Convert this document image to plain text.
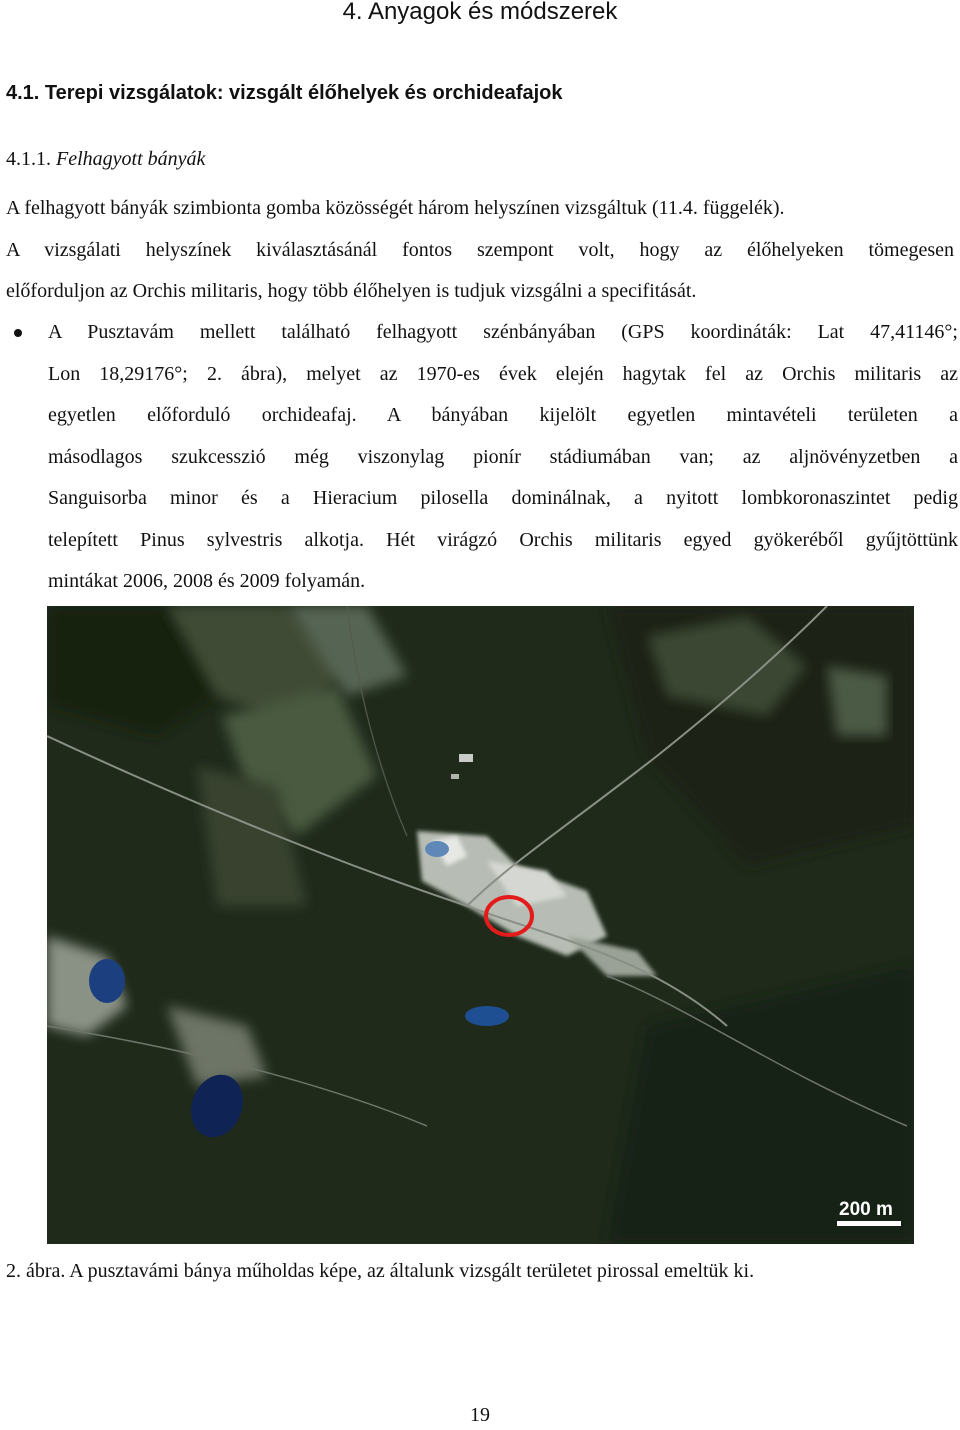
4. Anyagok és módszerek
4.1. Terepi vizsgálatok: vizsgált élőhelyek és orchideafajok
4.1.1. Felhagyott bányák
A felhagyott bányák szimbionta gomba közösségét három helyszínen vizsgáltuk (11.4. függelék).
A vizsgálati helyszínek kiválasztásánál fontos szempont volt, hogy az élőhelyeken tömegesen
előforduljon az Orchis militaris, hogy több élőhelyen is tudjuk vizsgálni a specifitását.
A Pusztavám mellett található felhagyott szénbányában (GPS koordináták: Lat 47,41146°;
Lon 18,29176°; 2. ábra), melyet az 1970-es évek elején hagytak fel az Orchis militaris az
egyetlen előforduló orchideafaj. A bányában kijelölt egyetlen mintavételi területen a
másodlagos szukcesszió még viszonylag pionír stádiumában van; az aljnövényzetben a
Sanguisorba minor és a Hieracium pilosella dominálnak, a nyitott lombkoronaszintet pedig
telepített Pinus sylvestris alkotja. Hét virágzó Orchis militaris egyed gyökeréből gyűjtöttünk
mintákat 2006, 2008 és 2009 folyamán.
200 m
2. ábra. A pusztavámi bánya műholdas képe, az általunk vizsgált területet pirossal emeltük ki.
19
